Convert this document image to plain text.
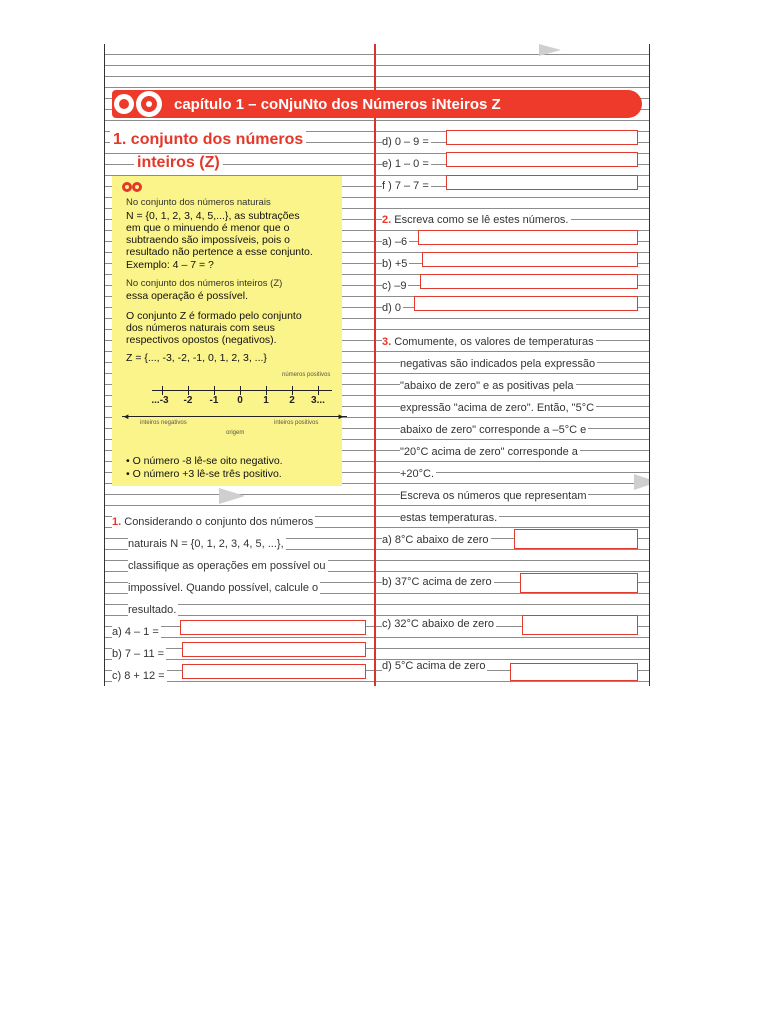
capítulo 1 – coNjuNto dos Números iNteiros Z
1. conjunto dos números
inteiros (Z)
No conjunto dos números naturais
N = {0, 1, 2, 3, 4, 5,...}, as subtrações
em que o minuendo é menor que o
subtraendo são impossíveis, pois o
resultado não pertence a esse conjunto.
Exemplo: 4 – 7 = ?
No conjunto dos números inteiros (Z)
essa operação é possível.
O conjunto Z é formado pelo conjunto
dos números naturais com seus
respectivos opostos (negativos).
Z = {..., -3, -2, -1, 0, 1, 2, 3, ...}
números positivos
...-3	-2	-1	0	1	2	3...
◄	►
inteiros negativos	inteiros positivos
origem
• O número -8 lê-se oito negativo.
• O número +3 lê-se três positivo.
1. Considerando o conjunto dos números
naturais N = {0, 1, 2, 3, 4, 5, ...},
classifique as operações em possível ou
impossível. Quando possível, calcule o
resultado.
a) 4 – 1 =
b) 7 – 11 =
c) 8 + 12 =
d) 0 – 9 =
e) 1 – 0 =
f ) 7 – 7 =
2. Escreva como se lê estes números.
a) –6
b) +5
c) –9
d) 0
3. Comumente, os valores de temperaturas
negativas são indicados pela expressão
"abaixo de zero" e as positivas pela
expressão "acima de zero". Então, "5°C
abaixo de zero" corresponde a –5°C e
"20°C acima de zero" corresponde a
+20°C.
Escreva os números que representam
estas temperaturas.
a) 8°C abaixo de zero
b) 37°C acima de zero
c) 32°C abaixo de zero
d) 5°C acima de zero
